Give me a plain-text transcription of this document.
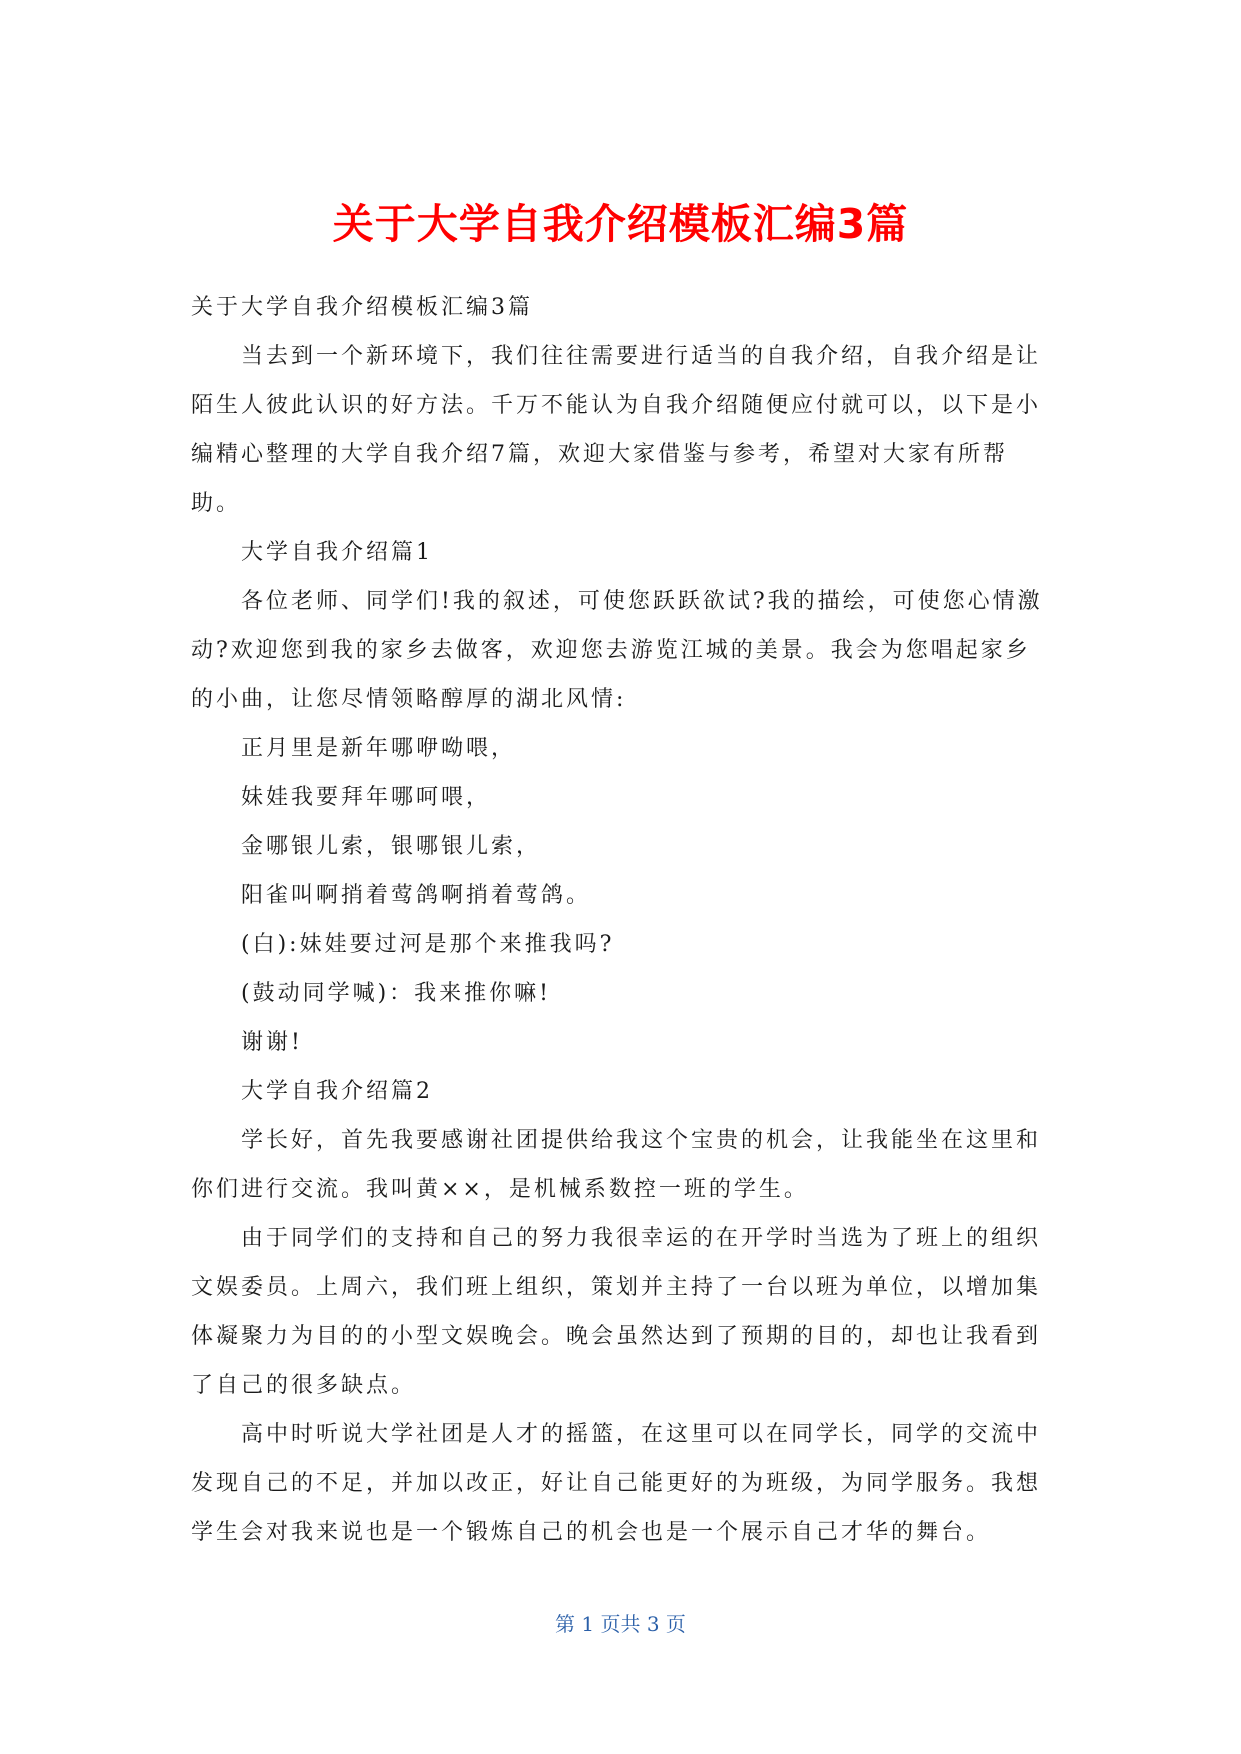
关于大学自我介绍模板汇编3篇

关于大学自我介绍模板汇编3篇

当去到一个新环境下，我们往往需要进行适当的自我介绍，自我介绍是让陌生人彼此认识的好方法。千万不能认为自我介绍随便应付就可以，以下是小编精心整理的大学自我介绍7篇，欢迎大家借鉴与参考，希望对大家有所帮助。

大学自我介绍篇1

各位老师、同学们!我的叙述，可使您跃跃欲试?我的描绘，可使您心情激动?欢迎您到我的家乡去做客，欢迎您去游览江城的美景。我会为您唱起家乡的小曲，让您尽情领略醇厚的湖北风情:

正月里是新年哪咿呦喂，

妹娃我要拜年哪呵喂，

金哪银儿索，银哪银儿索，

阳雀叫啊捎着莺鸽啊捎着莺鸽。

(白):妹娃要过河是那个来推我吗?

(鼓动同学喊)：我来推你嘛!

谢谢!

大学自我介绍篇2

学长好，首先我要感谢社团提供给我这个宝贵的机会，让我能坐在这里和你们进行交流。我叫黄××，是机械系数控一班的学生。

由于同学们的支持和自己的努力我很幸运的在开学时当选为了班上的组织文娱委员。上周六，我们班上组织，策划并主持了一台以班为单位，以增加集体凝聚力为目的的小型文娱晚会。晚会虽然达到了预期的目的，却也让我看到了自己的很多缺点。

高中时听说大学社团是人才的摇篮，在这里可以在同学长，同学的交流中发现自己的不足，并加以改正，好让自己能更好的为班级，为同学服务。我想学生会对我来说也是一个锻炼自己的机会也是一个展示自己才华的舞台。

第 1 页共 3 页
